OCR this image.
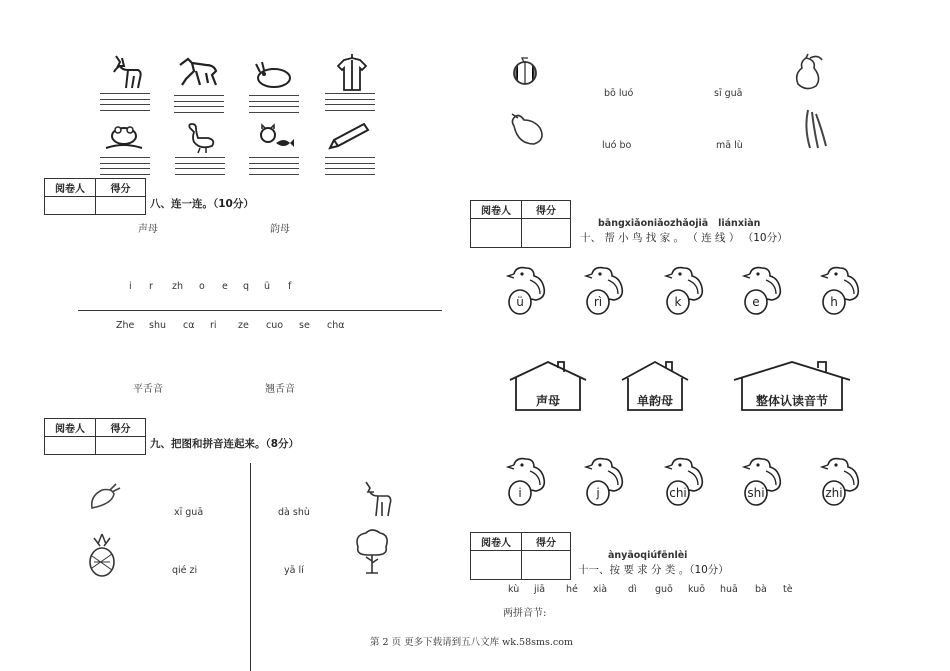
阅卷人	得分

八、连一连。（10分）
声母	韵母
i r zh o e q ü f
Zhe shu cα ri ze cuo se chα
平舌音	翘舌音
阅卷人	得分

九、把图和拼音连起来。（8分）
xī guā
qié zi
dà shù
yā lí
bō luó	sī guā
luó bo	mā lù
阅卷人	得分

bāngxiǎoniǎozhǎojiā   liánxiàn
十、 帮 小 鸟 找 家 。 （ 连 线 ） （10分）
ü	rì	k	e	h
声母	单韵母	整体认读音节
i	j	chi	shi	zhi
阅卷人	得分

ànyāoqiúfēnlèi
十一、按 要 求 分 类 。（10分）
kù jiā hé xià dì guō kuō huā bà tè
两拼音节:
第 2 页 更多下载请到五八文库 wk.58sms.com
